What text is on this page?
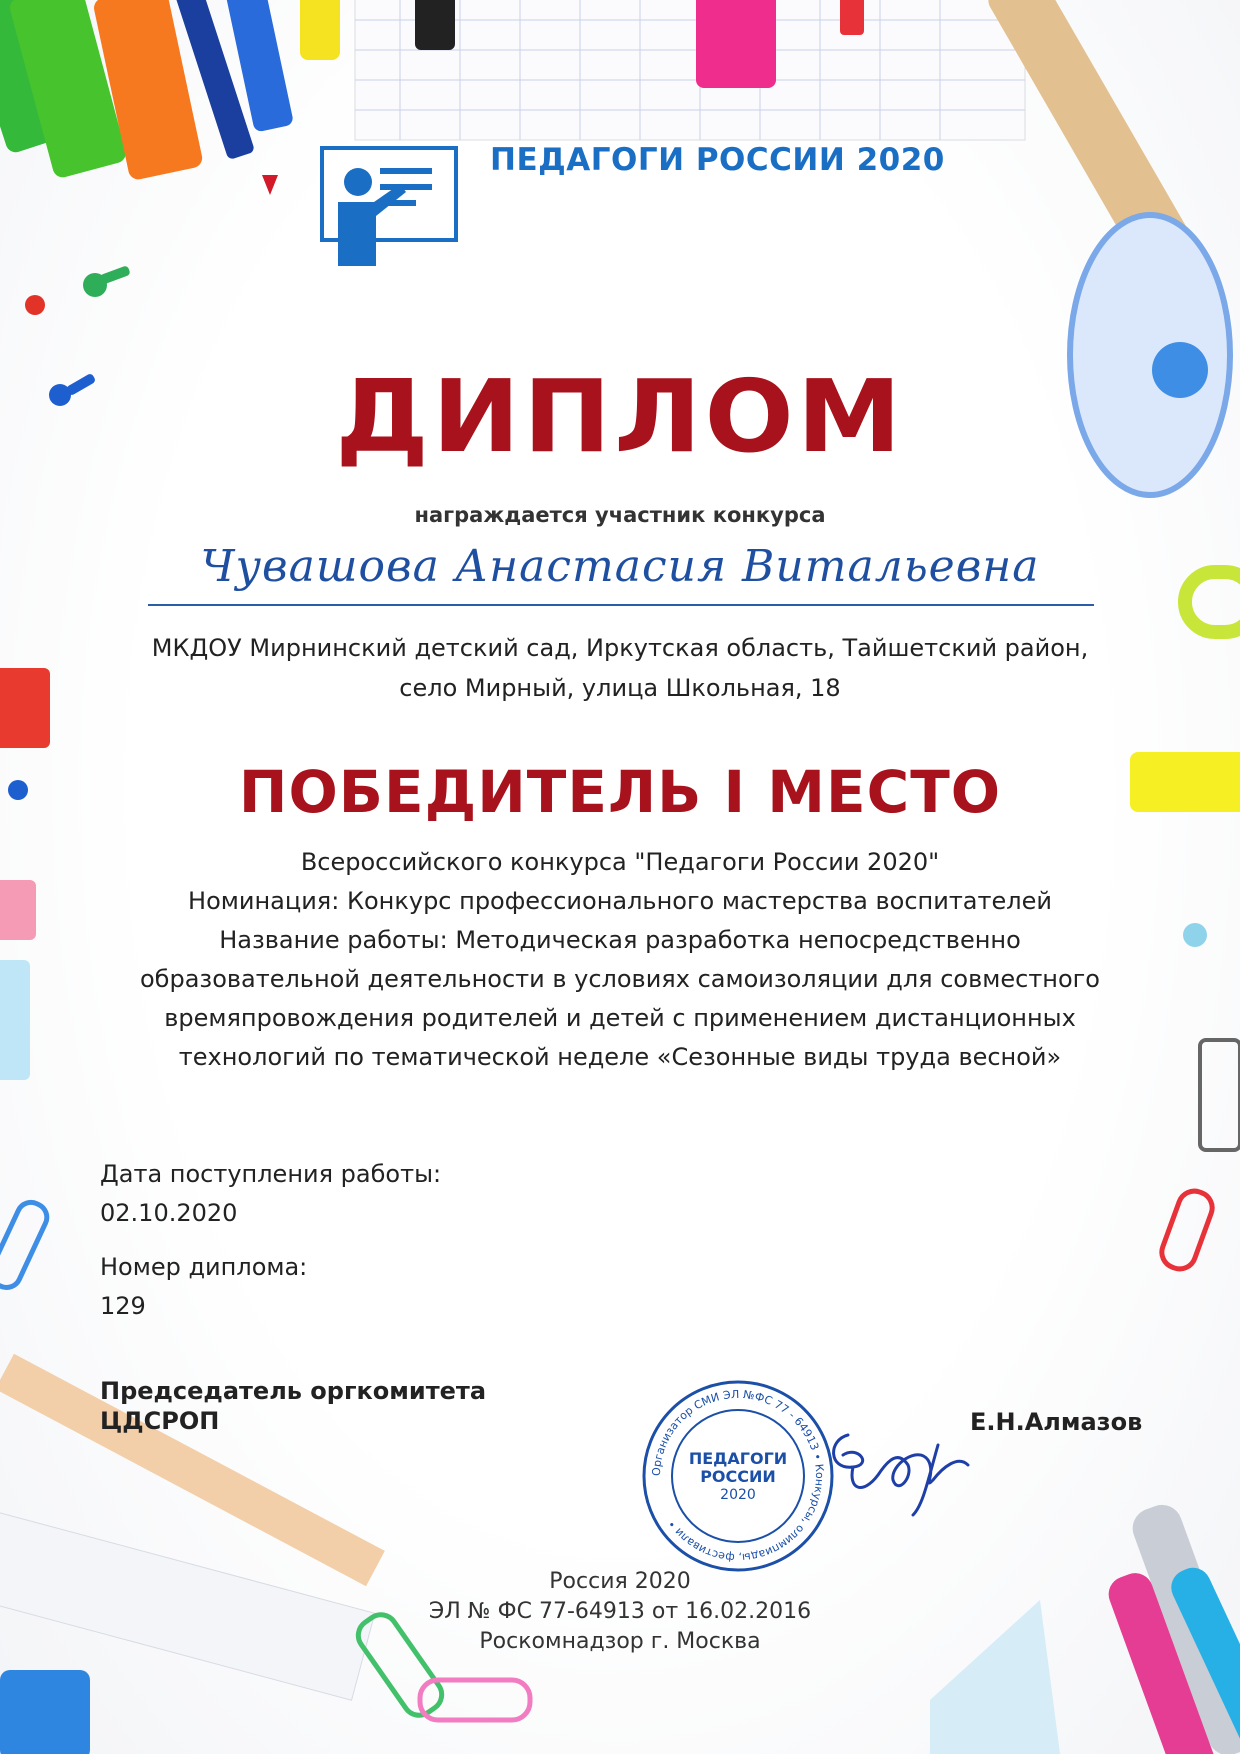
ПЕДАГОГИ РОССИИ 2020
ДИПЛОМ
награждается участник конкурса
Чувашова Анастасия Витальевна
МКДОУ Мирнинский детский сад, Иркутская область, Тайшетский район,
село Мирный, улица Школьная, 18
ПОБЕДИТЕЛЬ I МЕСТО
Всероссийского конкурса "Педагоги России 2020"
Номинация: Конкурс профессионального мастерства воспитателей
Название работы: Методическая разработка непосредственно
образовательной деятельности в условиях самоизоляции для совместного
времяпровождения родителей и детей с применением дистанционных
технологий по тематической неделе «Сезонные виды труда весной»
Дата поступления работы:
02.10.2020
Номер диплома:
129
Председатель оргкомитета
ЦДСРОП
Организатор СМИ ЭЛ №ФС 77 - 64913 • Конкурсы, олимпиады, фестивали •
ПЕДАГОГИ
РОССИИ
2020
Е.Н.Алмазов
Россия 2020
ЭЛ № ФС 77-64913 от 16.02.2016
Роскомнадзор г. Москва
